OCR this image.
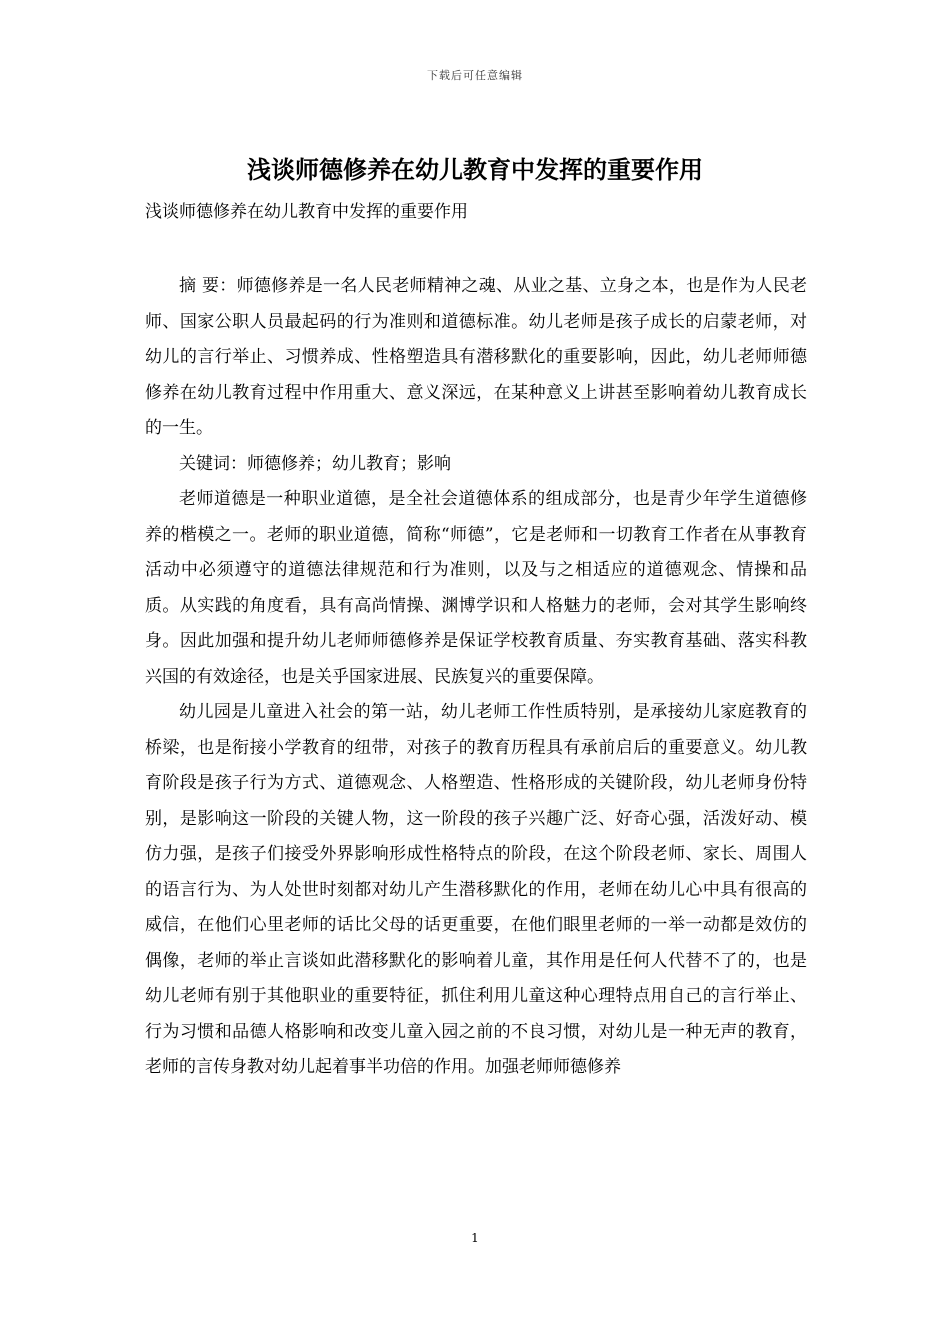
下载后可任意编辑
浅谈师德修养在幼儿教育中发挥的重要作用
浅谈师德修养在幼儿教育中发挥的重要作用

摘 要：师德修养是一名人民老师精神之魂、从业之基、立身之本，也是作为人民老师、国家公职人员最起码的行为准则和道德标准。幼儿老师是孩子成长的启蒙老师，对幼儿的言行举止、习惯养成、性格塑造具有潜移默化的重要影响，因此，幼儿老师师德修养在幼儿教育过程中作用重大、意义深远，在某种意义上讲甚至影响着幼儿教育成长的一生。

关键词：师德修养；幼儿教育；影响

老师道德是一种职业道德，是全社会道德体系的组成部分，也是青少年学生道德修养的楷模之一。老师的职业道德，简称“师德”，它是老师和一切教育工作者在从事教育活动中必须遵守的道德法律规范和行为准则，以及与之相适应的道德观念、情操和品质。从实践的角度看，具有高尚情操、渊博学识和人格魅力的老师，会对其学生影响终身。因此加强和提升幼儿老师师德修养是保证学校教育质量、夯实教育基础、落实科教兴国的有效途径，也是关乎国家进展、民族复兴的重要保障。

幼儿园是儿童进入社会的第一站，幼儿老师工作性质特别，是承接幼儿家庭教育的桥梁，也是衔接小学教育的纽带，对孩子的教育历程具有承前启后的重要意义。幼儿教育阶段是孩子行为方式、道德观念、人格塑造、性格形成的关键阶段，幼儿老师身份特别，是影响这一阶段的关键人物，这一阶段的孩子兴趣广泛、好奇心强，活泼好动、模仿力强，是孩子们接受外界影响形成性格特点的阶段，在这个阶段老师、家长、周围人的语言行为、为人处世时刻都对幼儿产生潜移默化的作用，老师在幼儿心中具有很高的威信，在他们心里老师的话比父母的话更重要，在他们眼里老师的一举一动都是效仿的偶像，老师的举止言谈如此潜移默化的影响着儿童，其作用是任何人代替不了的，也是幼儿老师有别于其他职业的重要特征，抓住利用儿童这种心理特点用自己的言行举止、行为习惯和品德人格影响和改变儿童入园之前的不良习惯，对幼儿是一种无声的教育，老师的言传身教对幼儿起着事半功倍的作用。加强老师师德修养

1
